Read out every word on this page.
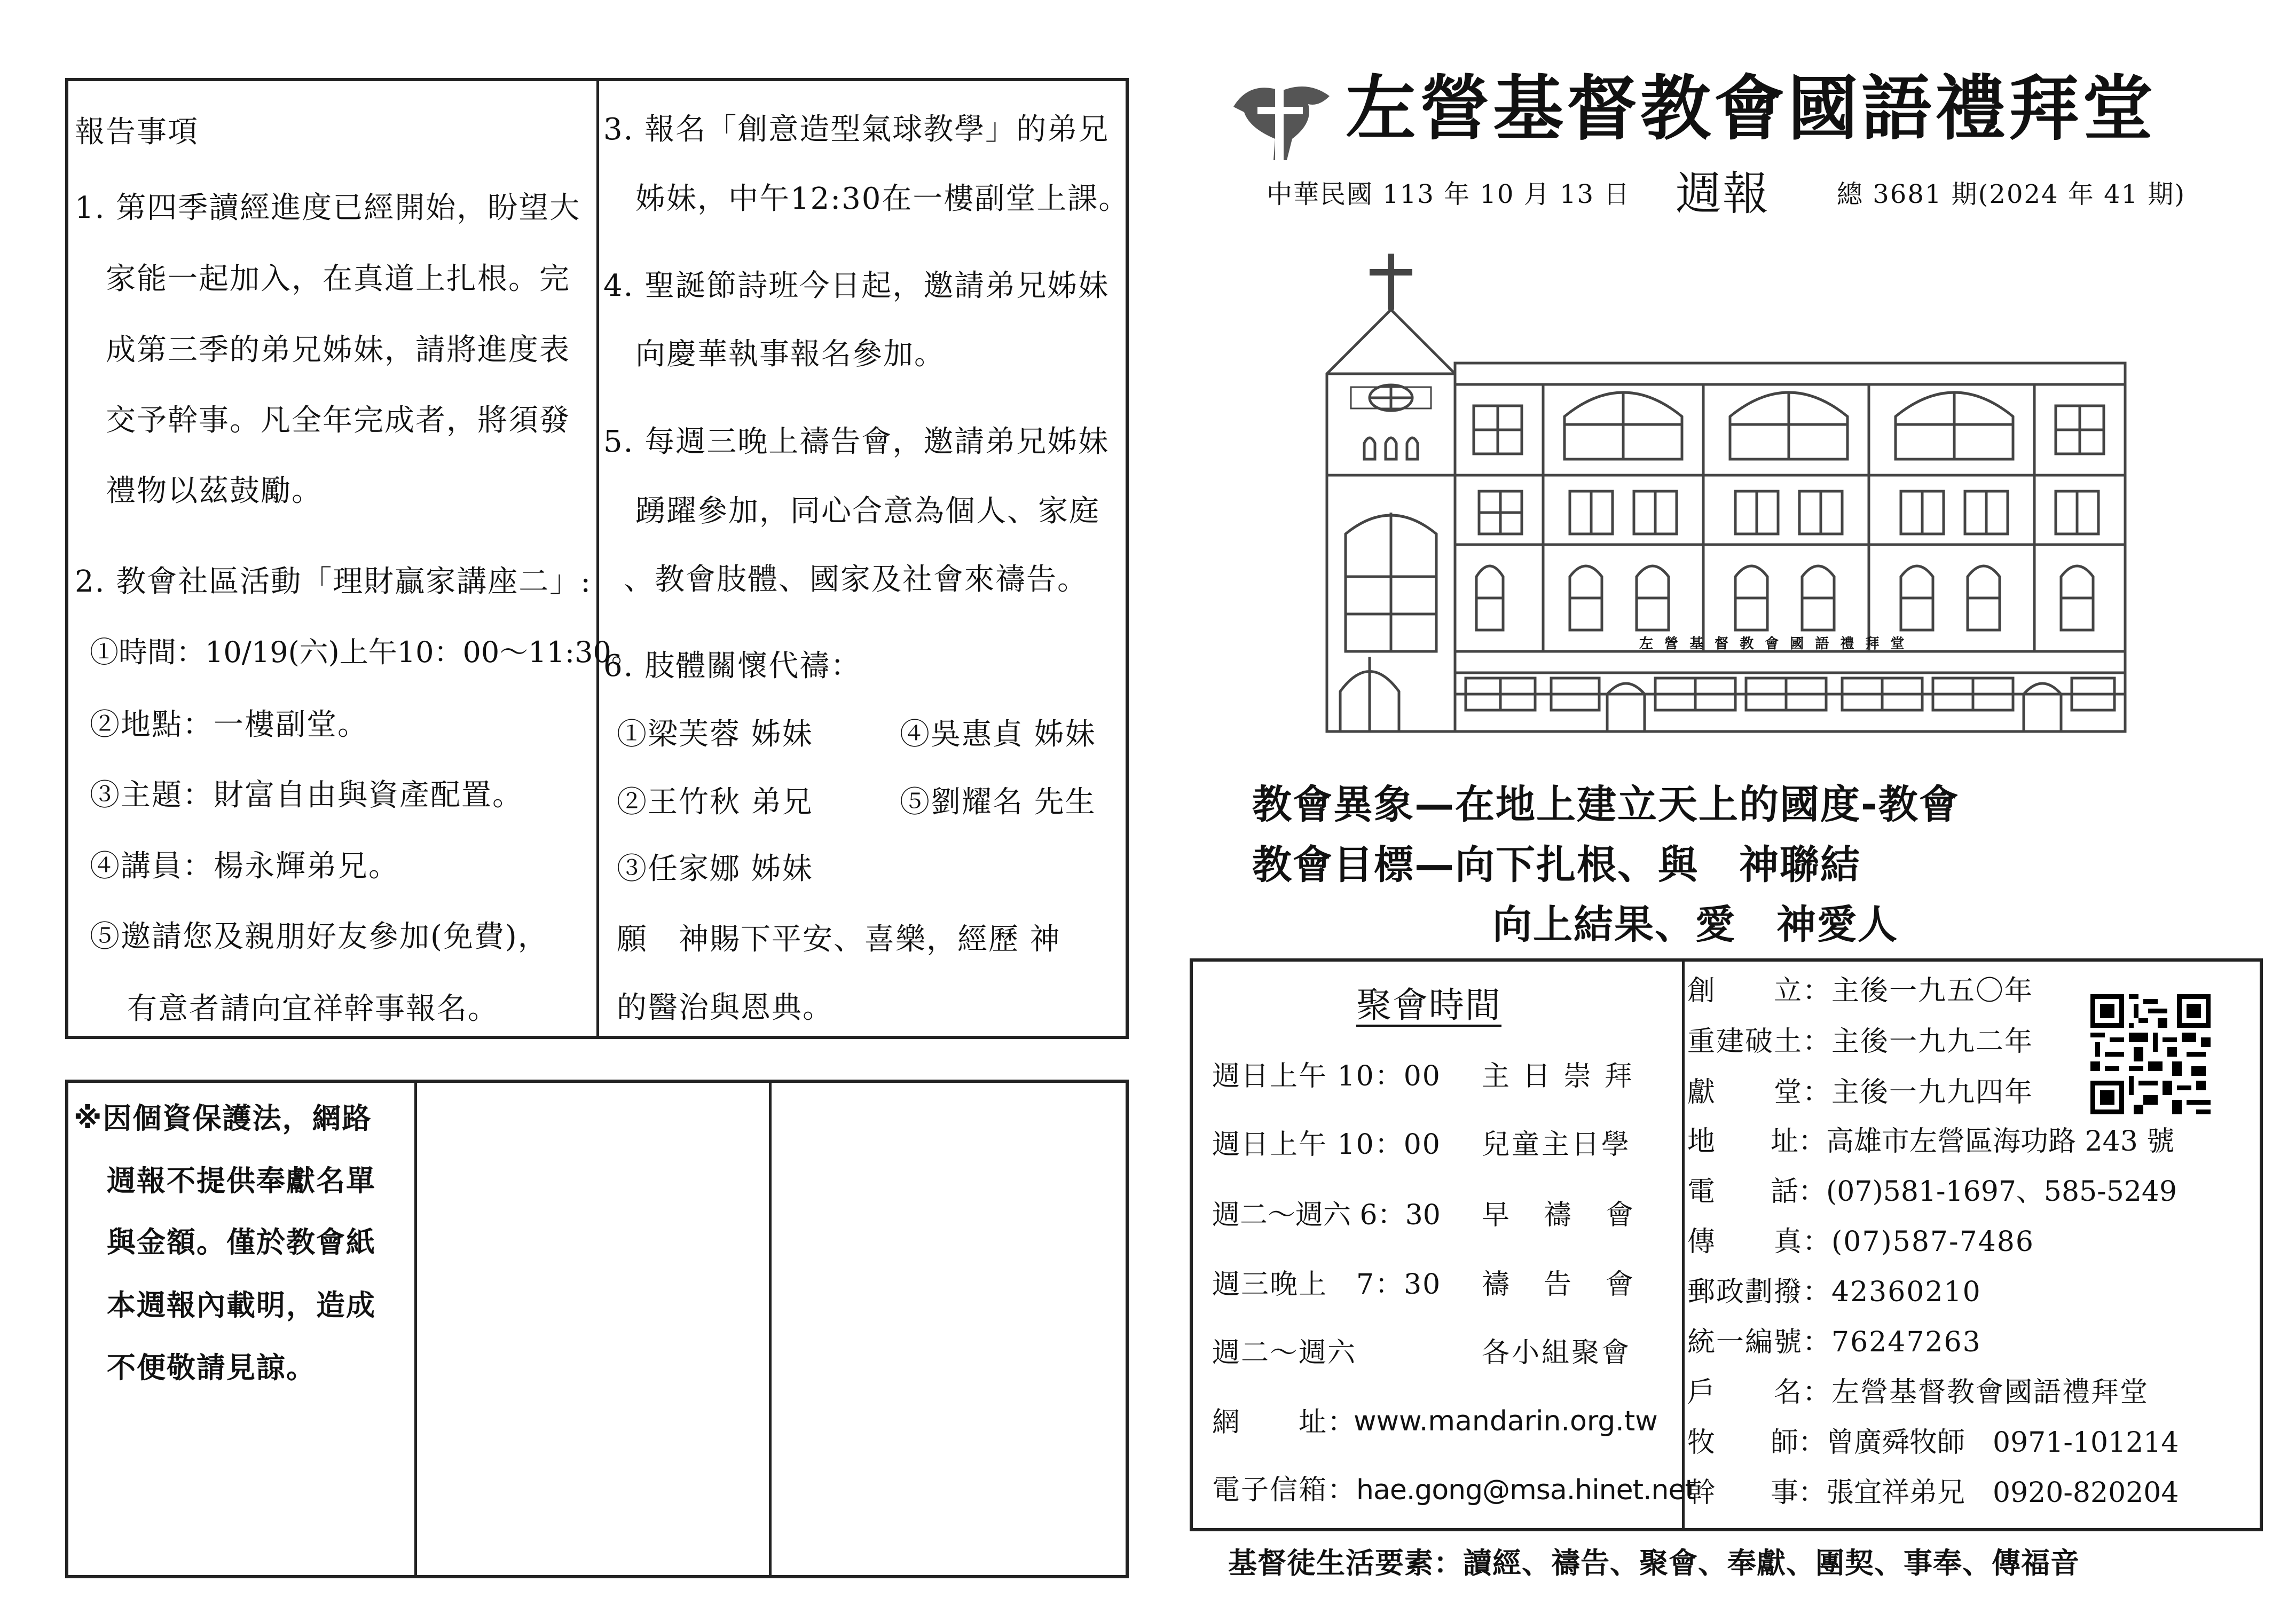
報告事項
1. 第四季讀經進度已經開始，盼望大
家能一起加入，在真道上扎根。完
成第三季的弟兄姊妹，請將進度表
交予幹事。凡全年完成者，將須發
禮物以茲鼓勵。
2. 教會社區活動「理財贏家講座二」:
①時間：10/19(六)上午10：00～11:30。
②地點：一樓副堂。
③主題：財富自由與資產配置。
④講員：楊永輝弟兄。
⑤邀請您及親朋好友參加(免費)，
有意者請向宜祥幹事報名。
3. 報名「創意造型氣球教學」的弟兄
姊妹，中午12:30在一樓副堂上課。
4. 聖誕節詩班今日起，邀請弟兄姊妹
向慶華執事報名參加。
5. 每週三晚上禱告會，邀請弟兄姊妹
踴躍參加，同心合意為個人、家庭
、教會肢體、國家及社會來禱告。
6. 肢體關懷代禱：
①梁芙蓉 姊妹	④吳惠貞 姊妹
②王竹秋 弟兄	⑤劉耀名 先生
③任家娜 姊妹
願　神賜下平安、喜樂，經歷 神
的醫治與恩典。
※因個資保護法，網路
週報不提供奉獻名單
與金額。僅於教會紙
本週報內載明，造成
不便敬請見諒。
左營基督教會國語禮拜堂
中華民國 113 年 10 月 13 日 週報	總 3681 期(2024 年 41 期)
左 營 基 督 教 會 國 語 禮 拜 堂
教會異象—在地上建立天上的國度-教會
教會目標—向下扎根、與　神聯結
向上結果、愛　神愛人
聚會時間
週日上午 10：00 主 日 崇 拜
週日上午 10：00 兒童主日學
週二～週六 6：30 早　禱　會
週三晚上　7：30 禱　告　會
週二～週六	各小組聚會
網　　址：
www.mandarin.org.tw
電子信箱： hae.gong@msa.hinet.net
創　　立：主後一九五〇年
重建破土：主後一九九二年
獻　　堂：主後一九九四年
地　　址：高雄市左營區海功路 243 號
電　　話：(07)581-1697、585-5249
傳　　真：(07)587-7486
郵政劃撥：42360210
統一編號：76247263
戶　　名：左營基督教會國語禮拜堂
牧　　師：曾廣舜牧師　0971-101214
幹　　事：張宜祥弟兄　0920-820204
基督徒生活要素：讀經、禱告、聚會、奉獻、團契、事奉、傳福音
